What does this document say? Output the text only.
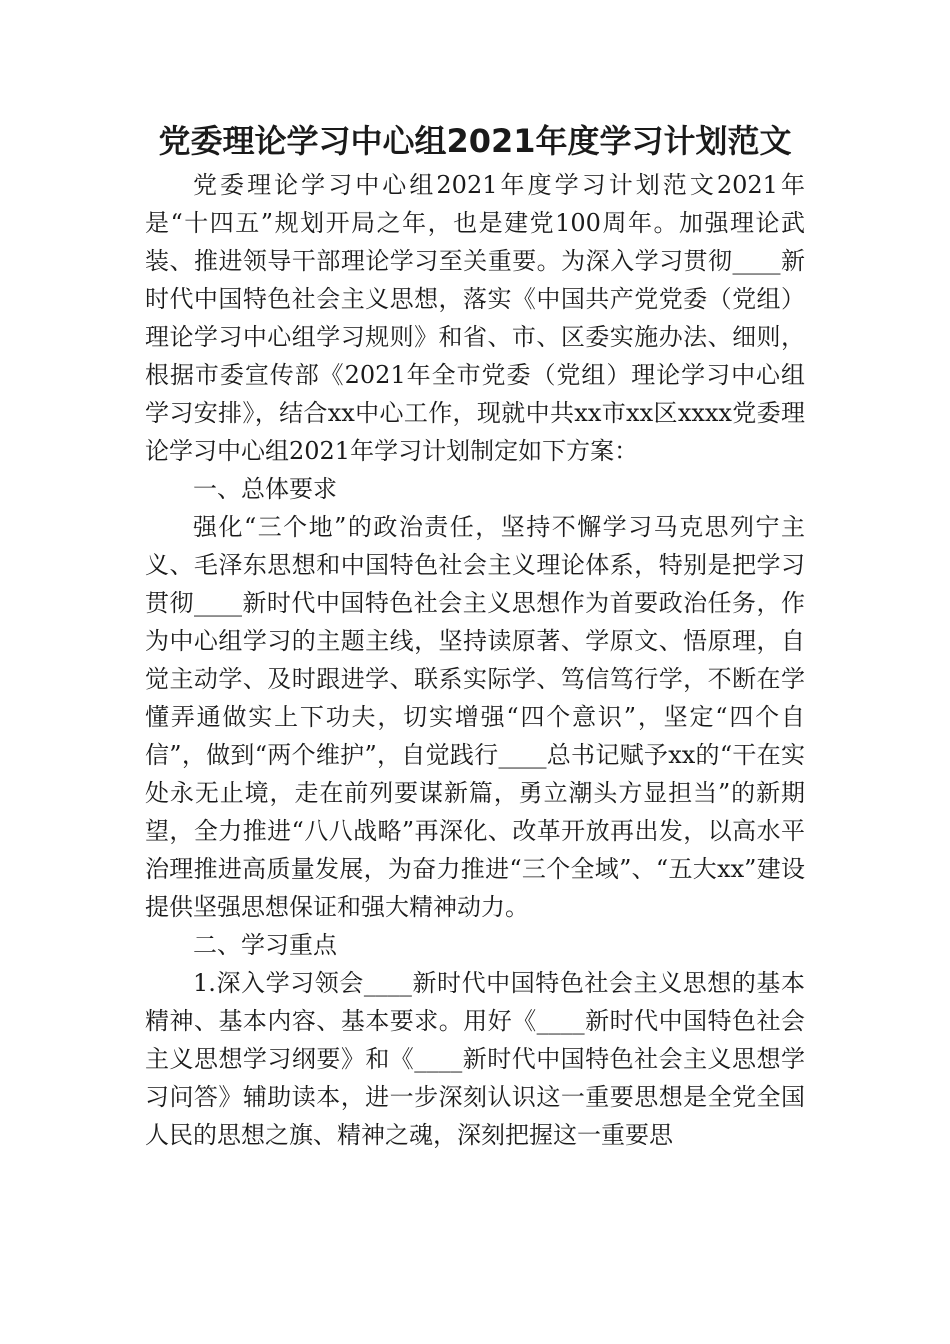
党委理论学习中心组2021年度学习计划范文

党委理论学习中心组2021年度学习计划范文2021年是“十四五”规划开局之年，也是建党100周年。加强理论武装、推进领导干部理论学习至关重要。为深入学习贯彻____新时代中国特色社会主义思想，落实《中国共产党党委（党组）理论学习中心组学习规则》和省、市、区委实施办法、细则，根据市委宣传部《2021年全市党委（党组）理论学习中心组学习安排》，结合xx中心工作，现就中共xx市xx区xxxx党委理论学习中心组2021年学习计划制定如下方案：

一、总体要求

强化“三个地”的政治责任，坚持不懈学习马克思列宁主义、毛泽东思想和中国特色社会主义理论体系，特别是把学习贯彻____新时代中国特色社会主义思想作为首要政治任务，作为中心组学习的主题主线，坚持读原著、学原文、悟原理，自觉主动学、及时跟进学、联系实际学、笃信笃行学，不断在学懂弄通做实上下功夫，切实增强“四个意识”，坚定“四个自信”，做到“两个维护”，自觉践行____总书记赋予xx的“干在实处永无止境，走在前列要谋新篇，勇立潮头方显担当”的新期望，全力推进“八八战略”再深化、改革开放再出发，以高水平治理推进高质量发展，为奋力推进“三个全域”、“五大xx”建设提供坚强思想保证和强大精神动力。

二、学习重点

1.深入学习领会____新时代中国特色社会主义思想的基本精神、基本内容、基本要求。用好《____新时代中国特色社会主义思想学习纲要》和《____新时代中国特色社会主义思想学习问答》辅助读本，进一步深刻认识这一重要思想是全党全国人民的思想之旗、精神之魂，深刻把握这一重要思
